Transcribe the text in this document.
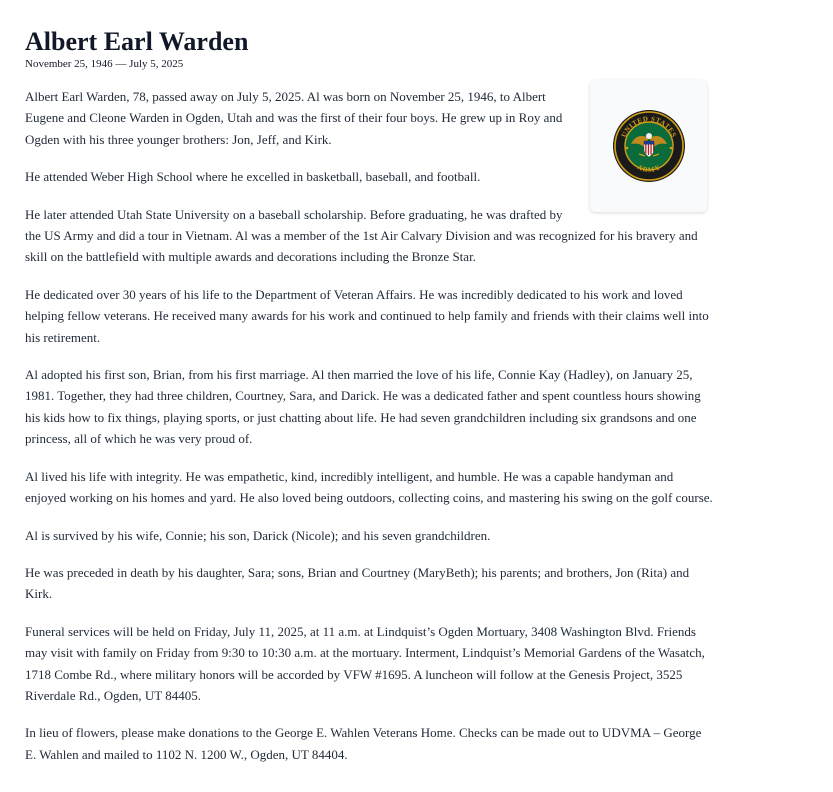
Albert Earl Warden
November 25, 1946 — July 5, 2025
UNITED STATES
ARMY

Albert Earl Warden, 78, passed away on July 5, 2025. Al was born on November 25, 1946, to Albert Eugene and Cleone Warden in Ogden, Utah and was the first of their four boys. He grew up in Roy and Ogden with his three younger brothers: Jon, Jeff, and Kirk.

He attended Weber High School where he excelled in basketball, baseball, and football.

He later attended Utah State University on a baseball scholarship. Before graduating, he was drafted by the US Army and did a tour in Vietnam. Al was a member of the 1st Air Calvary Division and was recognized for his bravery and skill on the battlefield with multiple awards and decorations including the Bronze Star.

He dedicated over 30 years of his life to the Department of Veteran Affairs. He was incredibly dedicated to his work and loved helping fellow veterans. He received many awards for his work and continued to help family and friends with their claims well into his retirement.

Al adopted his first son, Brian, from his first marriage. Al then married the love of his life, Connie Kay (Hadley), on January 25, 1981. Together, they had three children, Courtney, Sara, and Darick. He was a dedicated father and spent countless hours showing his kids how to fix things, playing sports, or just chatting about life. He had seven grandchildren including six grandsons and one princess, all of which he was very proud of.

Al lived his life with integrity. He was empathetic, kind, incredibly intelligent, and humble. He was a capable handyman and enjoyed working on his homes and yard. He also loved being outdoors, collecting coins, and mastering his swing on the golf course.

Al is survived by his wife, Connie; his son, Darick (Nicole); and his seven grandchildren.

He was preceded in death by his daughter, Sara; sons, Brian and Courtney (MaryBeth); his parents; and brothers, Jon (Rita) and Kirk.

Funeral services will be held on Friday, July 11, 2025, at 11 a.m. at Lindquist’s Ogden Mortuary, 3408 Washington Blvd. Friends may visit with family on Friday from 9:30 to 10:30 a.m. at the mortuary. Interment, Lindquist’s Memorial Gardens of the Wasatch, 1718 Combe Rd., where military honors will be accorded by VFW #1695. A luncheon will follow at the Genesis Project, 3525 Riverdale Rd., Ogden, UT 84405.

In lieu of flowers, please make donations to the George E. Wahlen Veterans Home. Checks can be made out to UDVMA – George E. Wahlen and mailed to 1102 N. 1200 W., Ogden, UT 84404.
